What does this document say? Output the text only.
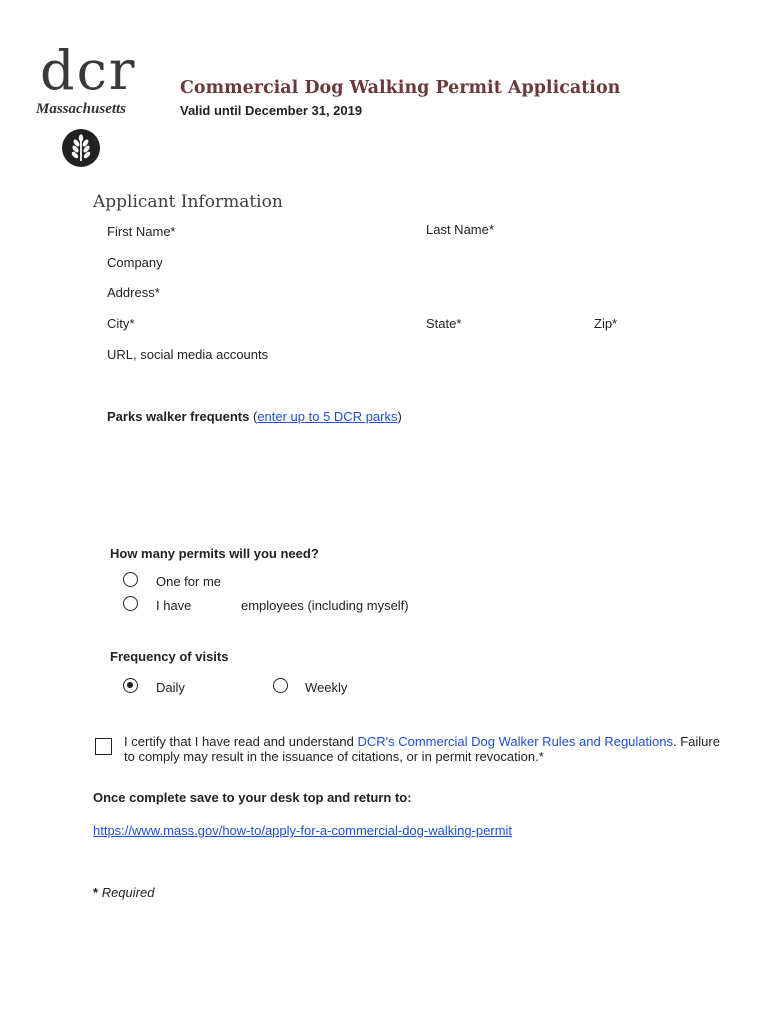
dcr
Massachusetts
Commercial Dog Walking Permit Application
Valid until December 31, 2019
Applicant Information
First Name*	Last Name*
Company
Address*
City*	State*	Zip*
URL, social media accounts
Parks walker frequents (enter up to 5 DCR parks)
How many permits will you need?
One for me
I have	employees (including myself)
Frequency of visits
Daily	Weekly
I certify that I have read and understand DCR's Commercial Dog Walker Rules and Regulations. Failure to comply may result in the issuance of citations, or in permit revocation.*
Once complete save to your desk top and return to:
https://www.mass.gov/how-to/apply-for-a-commercial-dog-walking-permit
* Required
